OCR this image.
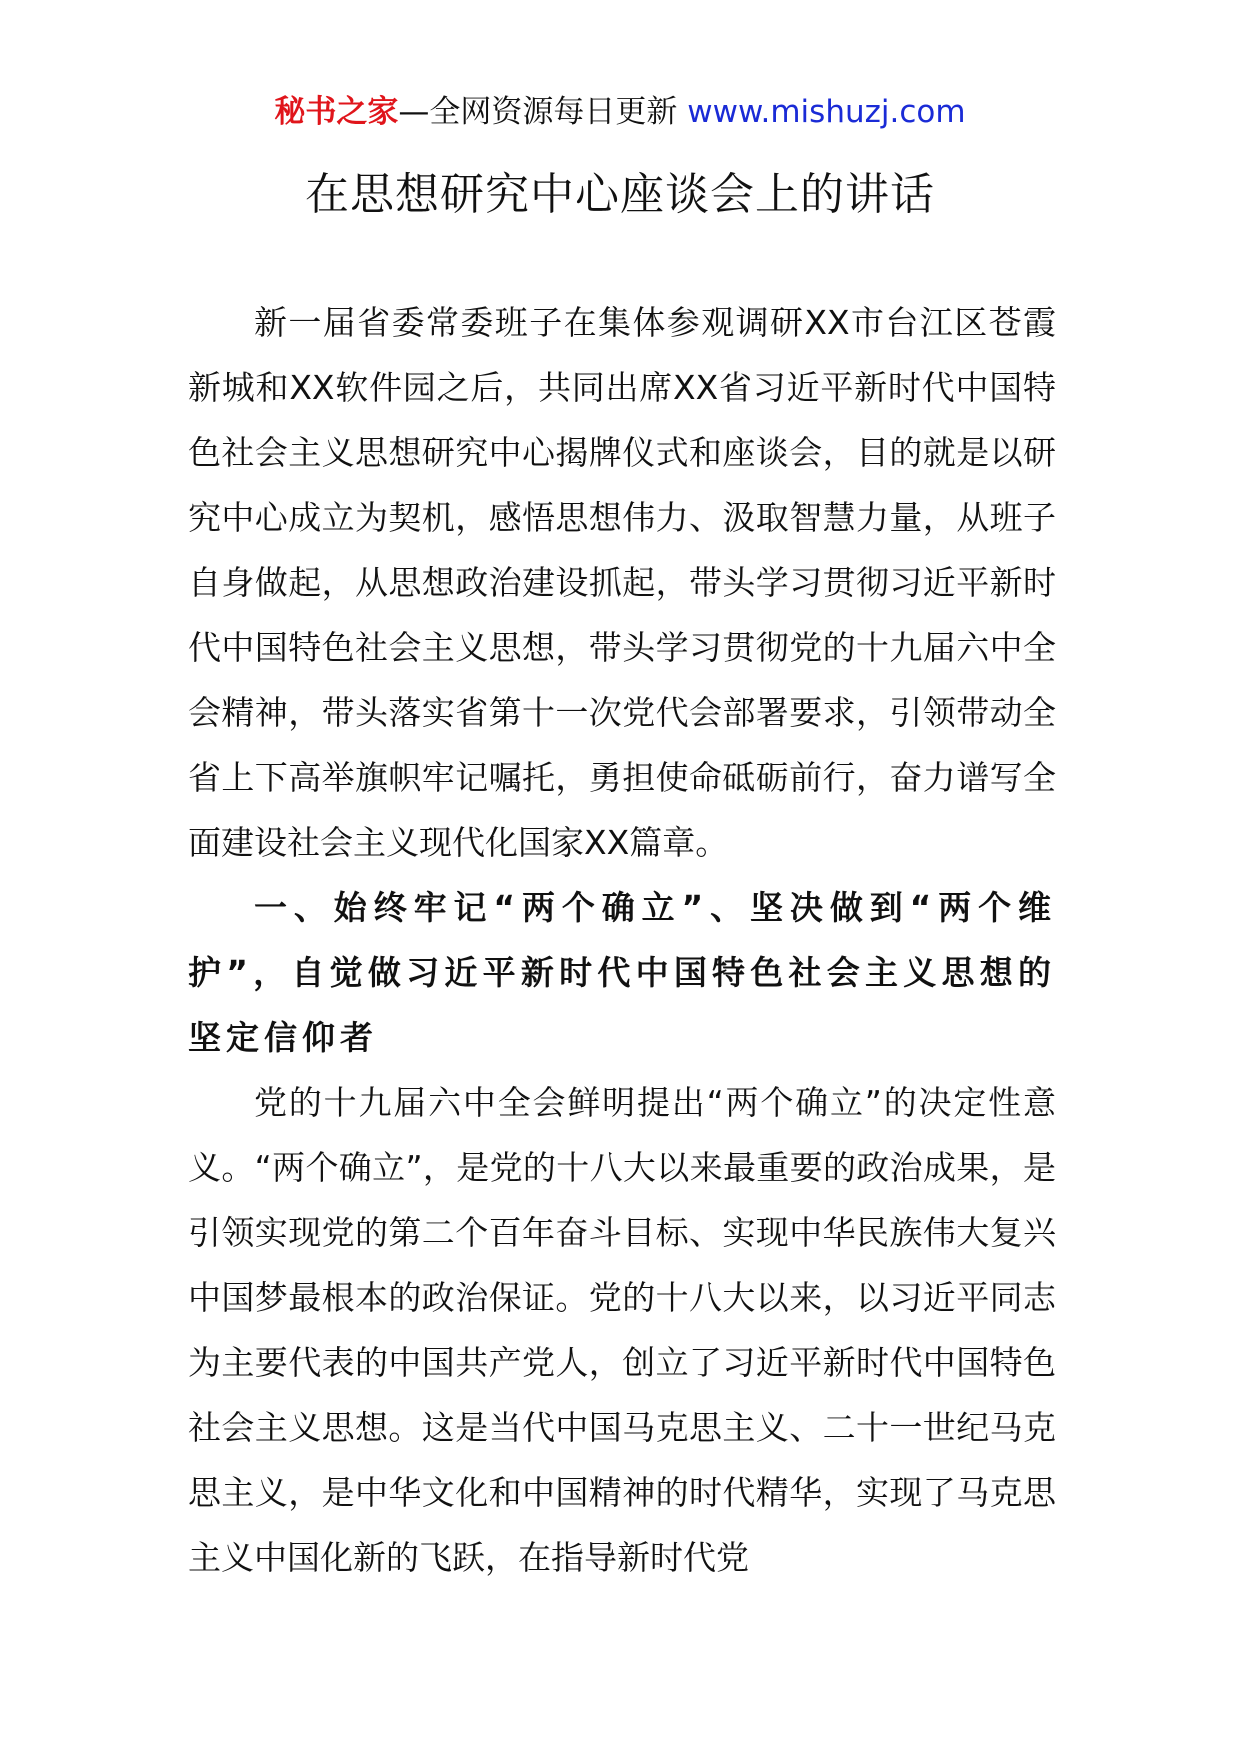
秘书之家—全网资源每日更新 www.mishuzj.com
在思想研究中心座谈会上的讲话

新一届省委常委班子在集体参观调研XX市台江区苍霞新城和XX软件园之后，共同出席XX省习近平新时代中国特色社会主义思想研究中心揭牌仪式和座谈会，目的就是以研究中心成立为契机，感悟思想伟力、汲取智慧力量，从班子自身做起，从思想政治建设抓起，带头学习贯彻习近平新时代中国特色社会主义思想，带头学习贯彻党的十九届六中全会精神，带头落实省第十一次党代会部署要求，引领带动全省上下高举旗帜牢记嘱托，勇担使命砥砺前行，奋力谱写全面建设社会主义现代化国家XX篇章。

一、始终牢记“两个确立”、坚决做到“两个维护”，自觉做习近平新时代中国特色社会主义思想的坚定信仰者

党的十九届六中全会鲜明提出“两个确立”的决定性意义。“两个确立”，是党的十八大以来最重要的政治成果，是引领实现党的第二个百年奋斗目标、实现中华民族伟大复兴中国梦最根本的政治保证。党的十八大以来，以习近平同志为主要代表的中国共产党人，创立了习近平新时代中国特色社会主义思想。这是当代中国马克思主义、二十一世纪马克思主义，是中华文化和中国精神的时代精华，实现了马克思主义中国化新的飞跃，在指导新时代党
